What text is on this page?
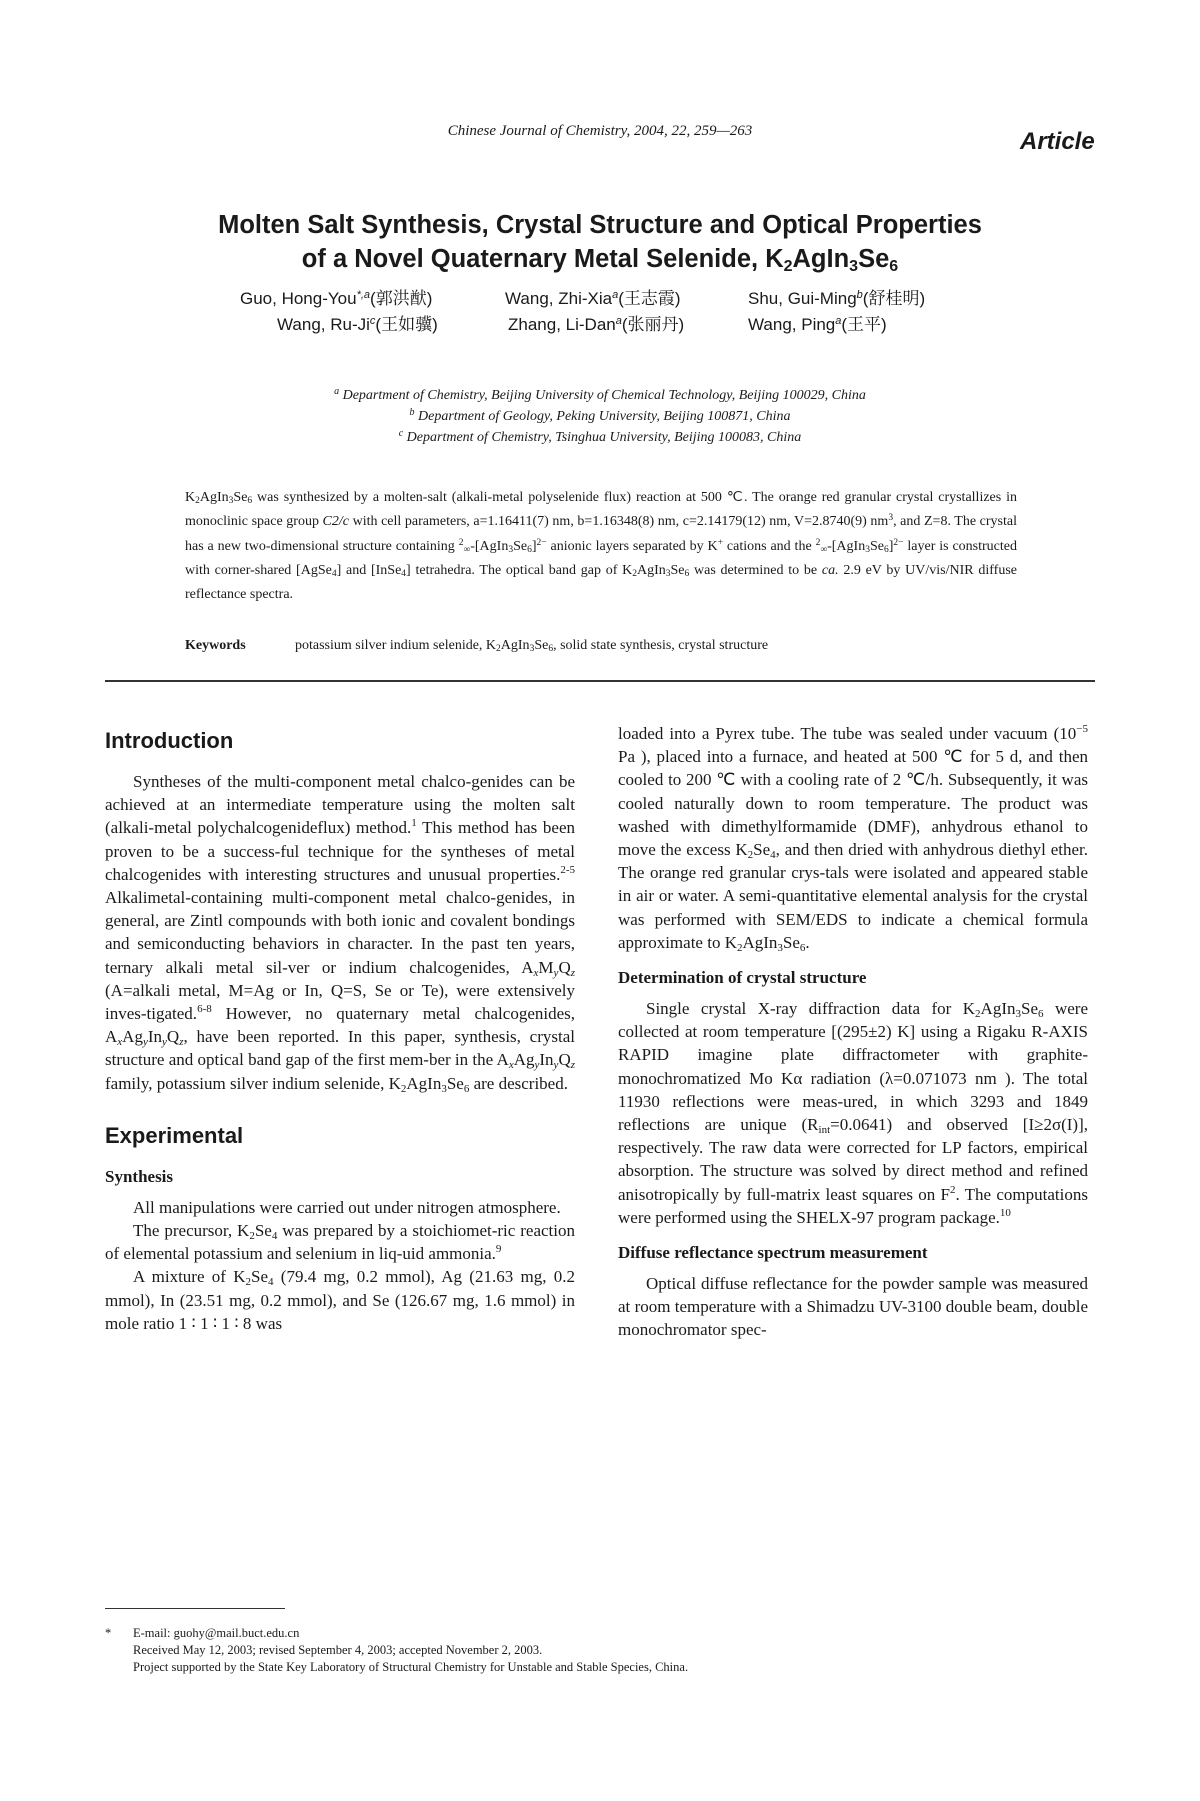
Chinese Journal of Chemistry, 2004, 22, 259—263	Article
Molten Salt Synthesis, Crystal Structure and Optical Properties
of a Novel Quaternary Metal Selenide, $K_2AgIn_3Se_6$
Guo, Hong-You$^{*,a}$(郭洪猷)	Wang, Zhi-Xia$^a$(王志霞)	Shu, Gui-Ming$^b$(舒桂明)
Wang, Ru-Ji$^c$(王如骥)	Zhang, Li-Dan$^a$(张丽丹)	Wang, Ping$^a$(王平)
$^a$ Department of Chemistry, Beijing University of Chemical Technology, Beijing 100029, China
$^b$ Department of Geology, Peking University, Beijing 100871, China
$^c$ Department of Chemistry, Tsinghua University, Beijing 100083, China
$K_2AgIn_3Se_6$ was synthesized by a molten-salt (alkali-metal polyselenide flux) reaction at 500 ℃. The orange red granular crystal crystallizes in monoclinic space group C2/c with cell parameters, a=1.16411(7) nm, b=1.16348(8) nm, c=2.14179(12) nm, V=2.8740(9) $nm^3$, and Z=8. The crystal has a new two-dimensional structure containing $^2_\infty-[AgIn_3Se_6]^{2-}$ anionic layers separated by K+ cations and the $^2_\infty-[AgIn_3Se_6]^{2-}$ layer is constructed with corner-shared [AgSe$_4$] and [InSe$_4$] tetrahedra. The optical band gap of $K_2AgIn_3Se_6$ was determined to be ca. 2.9 eV by UV/vis/NIR diffuse reflectance spectra.
Keywords	potassium silver indium selenide, $K_2AgIn_3Se_6$, solid state synthesis, crystal structure
Introduction

Syntheses of the multi-component metal chalco-genides can be achieved at an intermediate temperature using the molten salt (alkali-metal polychalcogenideflux) method.$^1$ This method has been proven to be a success-ful technique for the syntheses of metal chalcogenides with interesting structures and unusual properties.$^{2-5}$ Alkalimetal-containing multi-component metal chalco-genides, in general, are Zintl compounds with both ionic and covalent bondings and semiconducting behaviors in character. In the past ten years, ternary alkali metal sil-ver or indium chalcogenides, $A_xM_yQ_z$ (A=alkali metal, M=Ag or In, Q=S, Se or Te), were extensively inves-tigated.$^{6-8}$ However, no quaternary metal chalcogenides, $A_xAg_yIn_yQ_z$, have been reported. In this paper, synthesis, crystal structure and optical band gap of the first mem-ber in the $A_xAg_yIn_yQ_z$ family, potassium silver indium selenide, $K_2AgIn_3Se_6$ are described.

Experimental
Synthesis

All manipulations were carried out under nitrogen atmosphere.

The precursor, $K_2Se_4$ was prepared by a stoichiomet-ric reaction of elemental potassium and selenium in liq-uid ammonia.$^9$

A mixture of $K_2Se_4$ (79.4 mg, 0.2 mmol), Ag (21.63 mg, 0.2 mmol), In (23.51 mg, 0.2 mmol), and Se (126.67 mg, 1.6 mmol) in mole ratio 1 ∶ 1 ∶ 1 ∶ 8 was

loaded into a Pyrex tube. The tube was sealed under vacuum ($10^{-5}$ Pa ), placed into a furnace, and heated at 500 ℃ for 5 d, and then cooled to 200 ℃ with a cooling rate of 2 ℃/h. Subsequently, it was cooled naturally down to room temperature. The product was washed with dimethylformamide (DMF), anhydrous ethanol to move the excess $K_2Se_4$, and then dried with anhydrous diethyl ether. The orange red granular crys-tals were isolated and appeared stable in air or water. A semi-quantitative elemental analysis for the crystal was performed with SEM/EDS to indicate a chemical formula approximate to $K_2AgIn_3Se_6$.

Determination of crystal structure

Single crystal X-ray diffraction data for $K_2AgIn_3Se_6$ were collected at room temperature [(295±2) K] using a Rigaku R-AXIS RAPID imagine plate diffractometer with graphite-monochromatized Mo Kα radiation (λ=0.071073 nm ). The total 11930 reflections were meas-ured, in which 3293 and 1849 reflections are unique $(R_{int}=0.0641)$ and observed [I≥2σ(I)], respectively. The raw data were corrected for LP factors, empirical absorption. The structure was solved by direct method and refined anisotropically by full-matrix least squares on $F^2$. The computations were performed using the SHELX-97 program package.$^{10}$

Diffuse reflectance spectrum measurement

Optical diffuse reflectance for the powder sample was measured at room temperature with a Shimadzu UV-3100 double beam, double monochromator spec-

* E-mail: guohy@mail.buct.edu.cn
Received May 12, 2003; revised September 4, 2003; accepted November 2, 2003.
Project supported by the State Key Laboratory of Structural Chemistry for Unstable and Stable Species, China.
